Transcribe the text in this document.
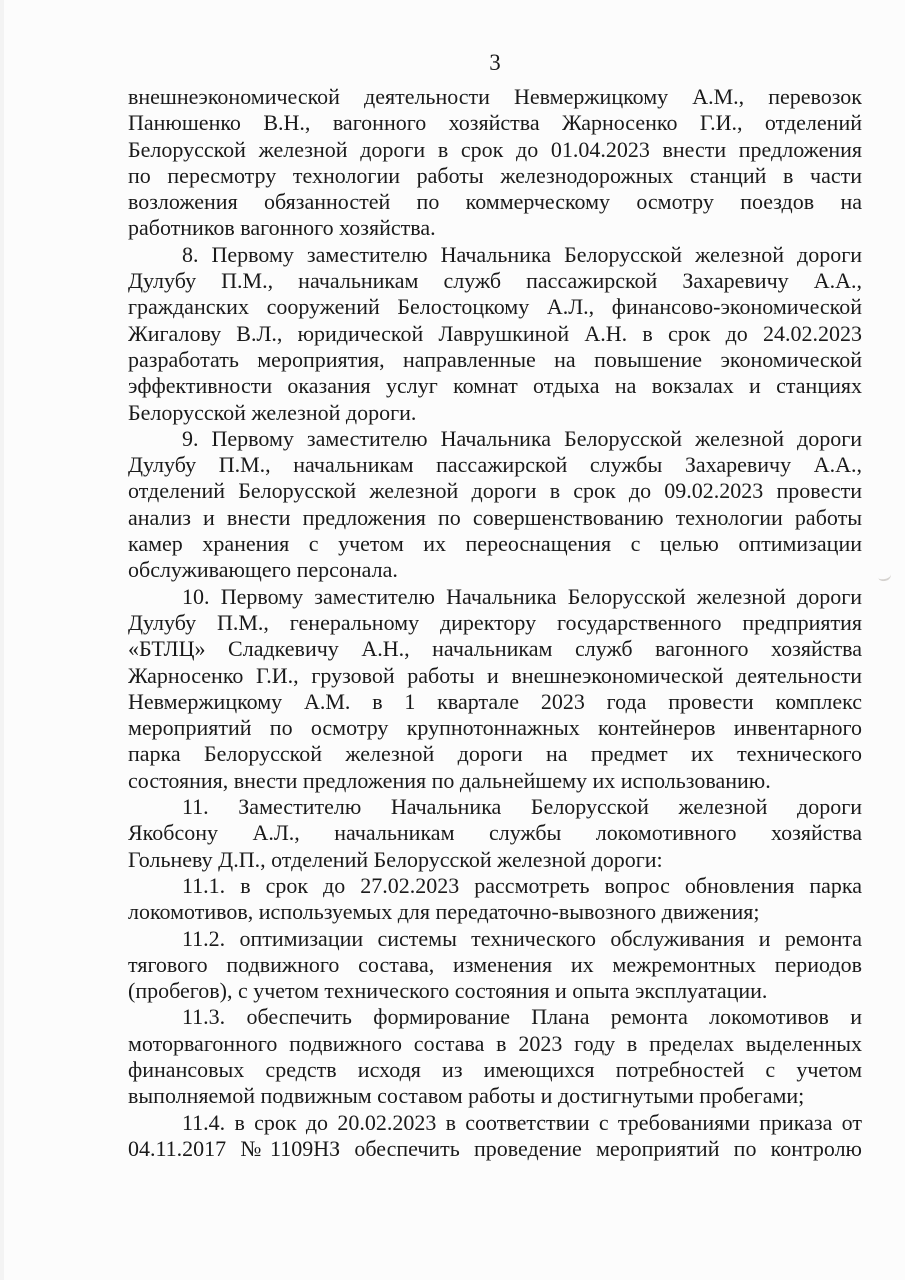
3

внешнеэкономической деятельности Невмержицкому А.М., перевозок
Панюшенко В.Н., вагонного хозяйства Жарносенко Г.И., отделений
Белорусской железной дороги в срок до 01.04.2023 внести предложения
по пересмотру технологии работы железнодорожных станций в части
возложения обязанностей по коммерческому осмотру поездов на
работников вагонного хозяйства.

8. Первому заместителю Начальника Белорусской железной дороги
Дулубу П.М., начальникам служб пассажирской Захаревичу А.А.,
гражданских сооружений Белостоцкому А.Л., финансово-экономической
Жигалову В.Л., юридической Лаврушкиной А.Н. в срок до 24.02.2023
разработать мероприятия, направленные на повышение экономической
эффективности оказания услуг комнат отдыха на вокзалах и станциях
Белорусской железной дороги.

9. Первому заместителю Начальника Белорусской железной дороги
Дулубу П.М., начальникам пассажирской службы Захаревичу А.А.,
отделений Белорусской железной дороги в срок до 09.02.2023 провести
анализ и внести предложения по совершенствованию технологии работы
камер хранения с учетом их переоснащения с целью оптимизации
обслуживающего персонала.

10. Первому заместителю Начальника Белорусской железной дороги
Дулубу П.М., генеральному директору государственного предприятия
«БТЛЦ» Сладкевичу А.Н., начальникам служб вагонного хозяйства
Жарносенко Г.И., грузовой работы и внешнеэкономической деятельности
Невмержицкому А.М. в 1 квартале 2023 года провести комплекс
мероприятий по осмотру крупнотоннажных контейнеров инвентарного
парка Белорусской железной дороги на предмет их технического
состояния, внести предложения по дальнейшему их использованию.

11. Заместителю Начальника Белорусской железной дороги
Якобсону А.Л., начальникам службы локомотивного хозяйства
Гольневу Д.П., отделений Белорусской железной дороги:

11.1. в срок до 27.02.2023 рассмотреть вопрос обновления парка
локомотивов, используемых для передаточно-вывозного движения;

11.2. оптимизации системы технического обслуживания и ремонта
тягового подвижного состава, изменения их межремонтных периодов
(пробегов), с учетом технического состояния и опыта эксплуатации.

11.3. обеспечить формирование Плана ремонта локомотивов и
моторвагонного подвижного состава в 2023 году в пределах выделенных
финансовых средств исходя из имеющихся потребностей с учетом
выполняемой подвижным составом работы и достигнутыми пробегами;

11.4. в срок до 20.02.2023 в соответствии с требованиями приказа от
04.11.2017 №1109НЗ обеспечить проведение мероприятий по контролю
